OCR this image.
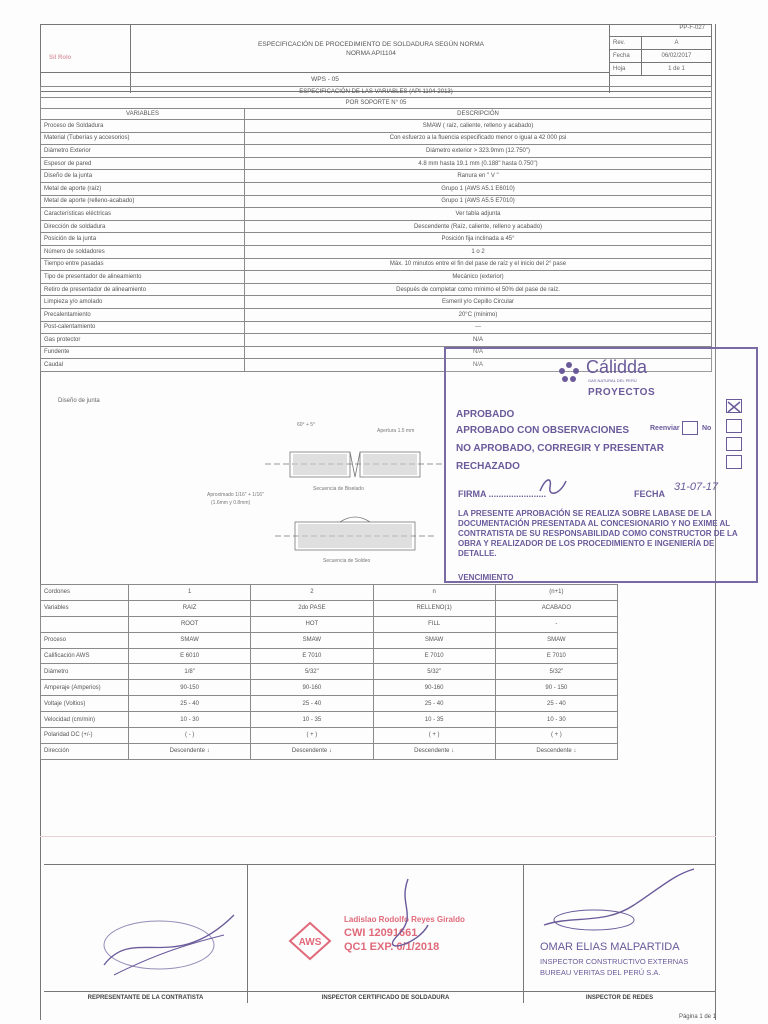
Sil Rolo
ESPECIFICACIÓN DE PROCEDIMIENTO DE SOLDADURA SEGÚN NORMA
NORMA API1104
PP-F-027
Rev.	A
Fecha	06/02/2017
Hoja	1 de 1
WPS - 05
ESPECIFICACIÓN DE LAS VARIABLES (API 1104-2013)	
POR SOPORTE N° 05	
VARIABLES	DESCRIPCIÓN
Proceso de Soldadura	SMAW ( raíz, caliente, relleno y acabado)
Material (Tuberías y accesorios)	Con esfuerzo a la fluencia especificado menor o igual a 42 000 psi
Diámetro Exterior	Diámetro exterior > 323.9mm (12.750")
Espesor de pared	4.8 mm hasta 19.1 mm (0.188" hasta 0.750")
Diseño de la junta	Ranura en " V "
Metal de aporte (raíz)	Grupo 1 (AWS A5.1 E6010)
Metal de aporte (relleno-acabado)	Grupo 1 (AWS A5.5 E7010)
Características eléctricas	Ver tabla adjunta
Dirección de soldadura	Descendente (Raíz, caliente, relleno y acabado)
Posición de la junta	Posición fija inclinada a 45°
Número de soldadores	1 o 2
Tiempo entre pasadas	Máx. 10 minutos entre el fin del pase de raíz y el inicio del 2° pase
Tipo de presentador de alineamiento	Mecánico (exterior)
Retiro de presentador de alineamiento	Después de completar como mínimo el 50% del pase de raíz.
Limpieza y/o amolado	Esmeril y/o Cepillo Circular
Precalentamiento	20°C (mínimo)
Post-calentamiento	---
Gas protector	N/A
Fundente	N/A
Caudal	N/A
Diseño de junta
60° + 5°
Apertura 1.5 mm
Aproximado 1/16" + 1/16"
(1.6mm y 0.8mm)
Secuencia de Biselado
Secuencia de Soldeo
Cálidda
GAS NATURAL DEL PERÚ
PROYECTOS
APROBADO
APROBADO CON OBSERVACIONES	Reenviar	No
NO APROBADO, CORREGIR Y PRESENTAR
RECHAZADO
FIRMA .......................	FECHA
31-07-17
LA PRESENTE APROBACIÓN SE REALIZA SOBRE LABASE DE LA DOCUMENTACIÓN PRESENTADA AL CONCESIONARIO Y NO EXIME AL CONTRATISTA DE SU RESPONSABILIDAD COMO CONSTRUCTOR DE LA OBRA Y REALIZADOR DE LOS PROCEDIMIENTO E INGENIERÍA DE DETALLE.
VENCIMIENTO
Cordones	1	2	n	(n+1)
Variables	RAIZ	2do PASE	RELLENO(1)	ACABADO
	ROOT	HOT	FILL	-
Proceso	SMAW	SMAW	SMAW	SMAW
Calificación AWS	E 6010	E 7010	E 7010	E 7010
Diámetro	1/8"	5/32"	5/32"	5/32"
Amperaje (Amperios)	90-150	90-160	90-160	90 - 150
Voltaje (Voltios)	25 - 40	25 - 40	25 - 40	25 - 40
Velocidad (cm/min)	10 - 30	10 - 35	10 - 35	10 - 30
Polaridad DC (+/-)	( - )	( + )	( + )	( + )
Dirección	Descendente ↓	Descendente ↓	Descendente ↓	Descendente ↓
REPRESENTANTE DE LA CONTRATISTA
AWS
Ladislao Rodolfo Reyes Giraldo
CWI 12091661
QC1 EXP. 6/1/2018
INSPECTOR CERTIFICADO DE SOLDADURA
OMAR ELIAS MALPARTIDA
INSPECTOR CONSTRUCTIVO EXTERNAS
BUREAU VERITAS DEL PERÚ S.A.
INSPECTOR DE REDES
Página 1 de 1
